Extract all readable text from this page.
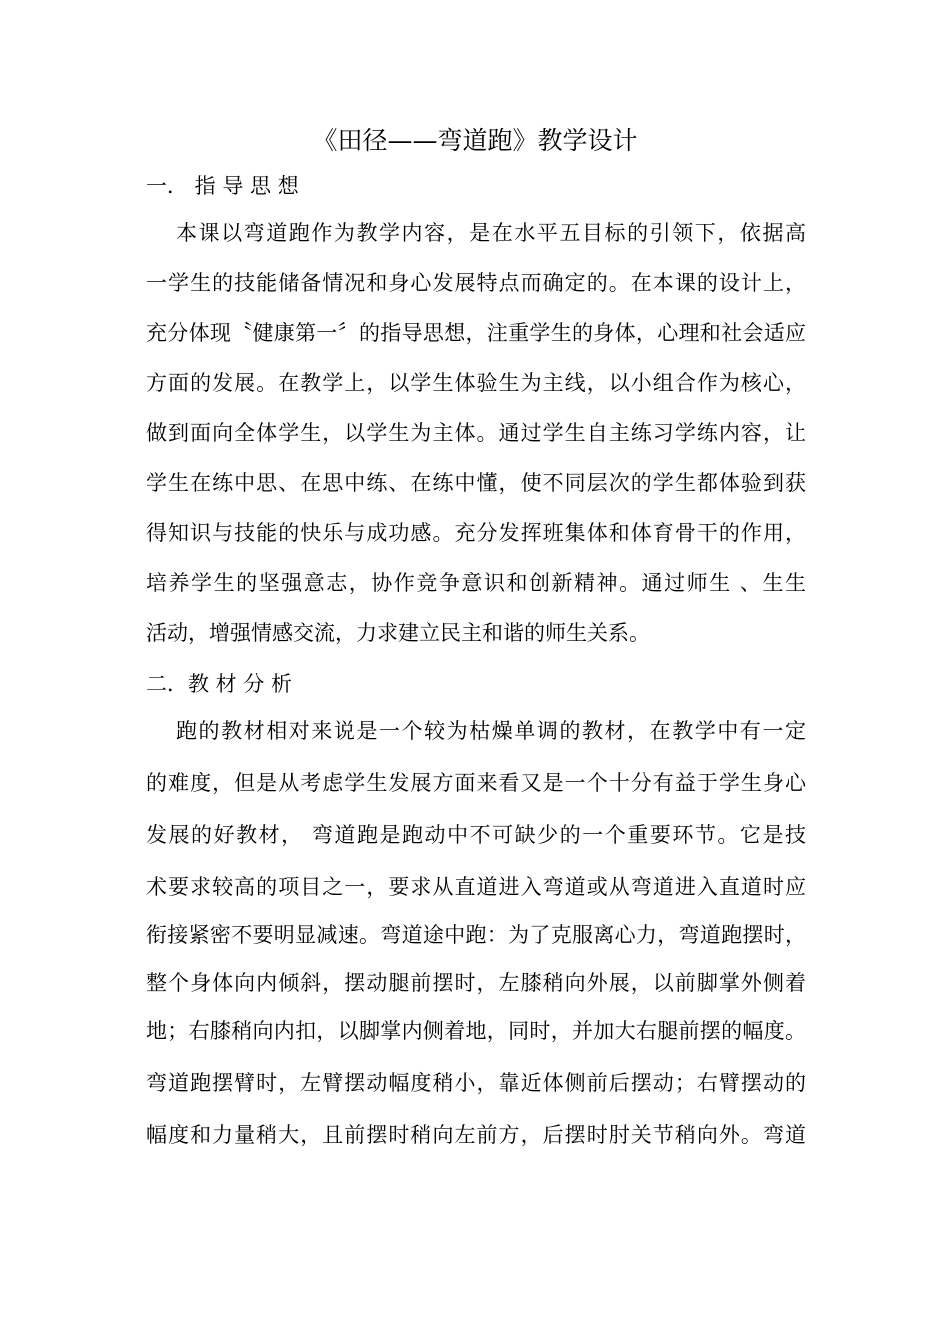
《田径——弯道跑》教学设计
一． 指 导 思 想
本课以弯道跑作为教学内容，是在水平五目标的引领下，依据高
一学生的技能储备情况和身心发展特点而确定的。在本课的设计上，
充分体现〝健康第一〞的指导思想，注重学生的身体，心理和社会适应
方面的发展。在教学上，以学生体验生为主线，以小组合作为核心，
做到面向全体学生，以学生为主体。通过学生自主练习学练内容，让
学生在练中思、在思中练、在练中懂，使不同层次的学生都体验到获
得知识与技能的快乐与成功感。充分发挥班集体和体育骨干的作用，
培养学生的坚强意志，协作竞争意识和创新精神。通过师生 、生生
活动，增强情感交流，力求建立民主和谐的师生关系。
二．教 材 分 析
跑的教材相对来说是一个较为枯燥单调的教材，在教学中有一定
的难度，但是从考虑学生发展方面来看又是一个十分有益于学生身心
发展的好教材， 弯道跑是跑动中不可缺少的一个重要环节。它是技
术要求较高的项目之一，要求从直道进入弯道或从弯道进入直道时应
衔接紧密不要明显减速。弯道途中跑：为了克服离心力，弯道跑摆时，
整个身体向内倾斜，摆动腿前摆时，左膝稍向外展，以前脚掌外侧着
地；右膝稍向内扣，以脚掌内侧着地，同时，并加大右腿前摆的幅度。
弯道跑摆臂时，左臂摆动幅度稍小，靠近体侧前后摆动；右臂摆动的
幅度和力量稍大，且前摆时稍向左前方，后摆时肘关节稍向外。弯道
